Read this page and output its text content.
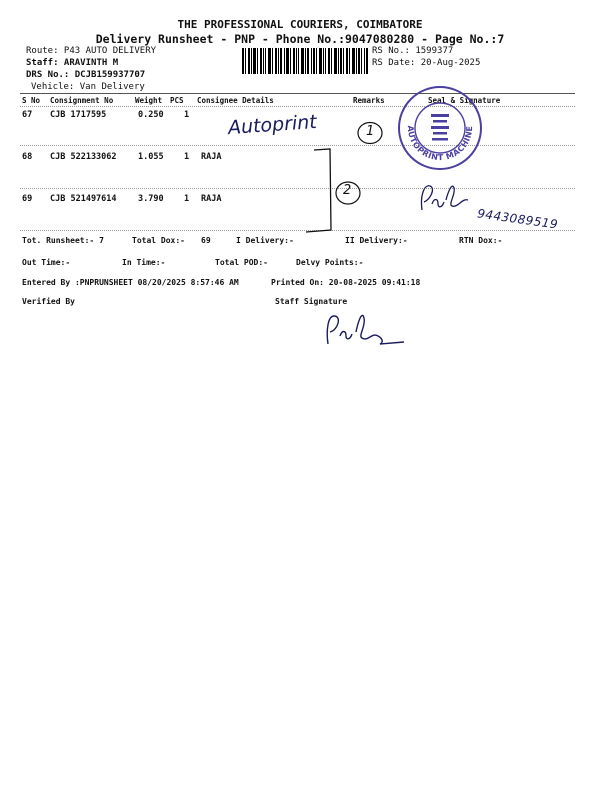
THE PROFESSIONAL COURIERS, COIMBATORE
Delivery Runsheet - PNP - Phone No.:9047080280 - Page No.:7
Route: P43 AUTO DELIVERY
Staff: ARAVINTH M
DRS No.: DCJB159937707
Vehicle: Van Delivery
RS No.: 1599377
RS Date: 20-Aug-2025
S No Consignment No	Weight PCS Consignee Details	Remarks	Seal & Signature
67 CJB 1717595	0.250 1
68 CJB 522133062	1.055 1 RAJA
69 CJB 521497614	3.790 1 RAJA
Autoprint	1
2
AUTOPRINT MACHINE
9443089519
Tot. Runsheet:- 7	Total Dox:- 69	I Delivery:-	II Delivery:-	RTN Dox:-
Out Time:-	In Time:-	Total POD:-	Delvy Points:-
Entered By :PNPRUNSHEET 08/20/2025 8:57:46 AM	Printed On: 20-08-2025 09:41:18
Verified By	Staff Signature
